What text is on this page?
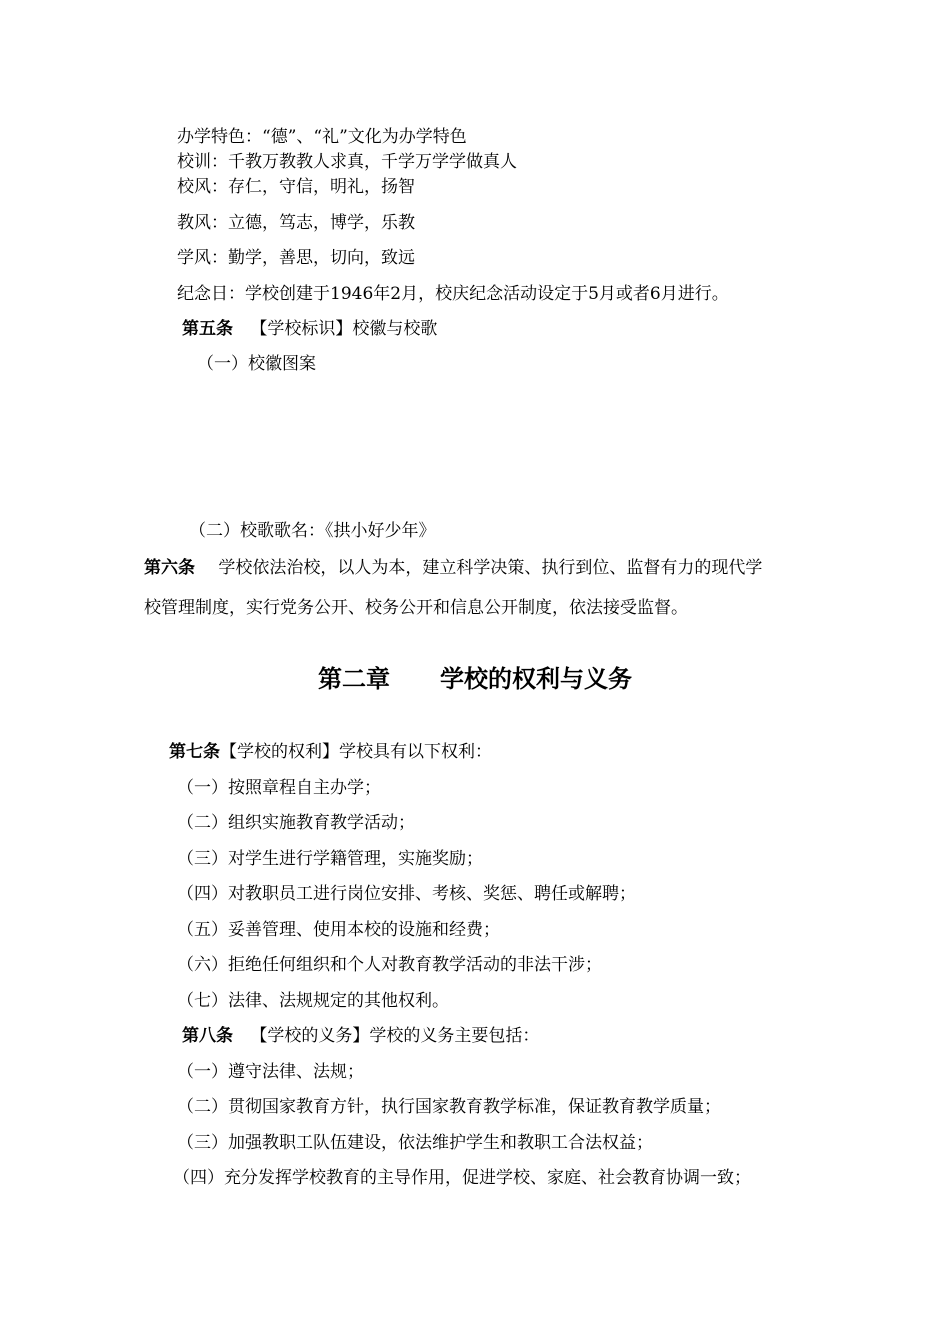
办学特色：“德”、“礼”文化为办学特色
校训：千教万教教人求真，千学万学学做真人
校风：存仁，守信，明礼，扬智
教风：立德，笃志，博学，乐教
学风：勤学，善思，切向，致远
纪念日：学校创建于1946年2月，校庆纪念活动设定于5月或者6月进行。
第五条 【学校标识】校徽与校歌
（一）校徽图案
（二）校歌歌名：《拱小好少年》
第六条 学校依法治校，以人为本，建立科学决策、执行到位、监督有力的现代学
校管理制度，实行党务公开、校务公开和信息公开制度，依法接受监督。
第二章 学校的权利与义务
第七条【学校的权利】学校具有以下权利：
（一）按照章程自主办学；
（二）组织实施教育教学活动；
（三）对学生进行学籍管理，实施奖励；
（四）对教职员工进行岗位安排、考核、奖惩、聘任或解聘；
（五）妥善管理、使用本校的设施和经费；
（六）拒绝任何组织和个人对教育教学活动的非法干涉；
（七）法律、法规规定的其他权利。
第八条 【学校的义务】学校的义务主要包括：
（一）遵守法律、法规；
（二）贯彻国家教育方针，执行国家教育教学标准，保证教育教学质量；
（三）加强教职工队伍建设，依法维护学生和教职工合法权益；
（四）充分发挥学校教育的主导作用，促进学校、家庭、社会教育协调一致；
